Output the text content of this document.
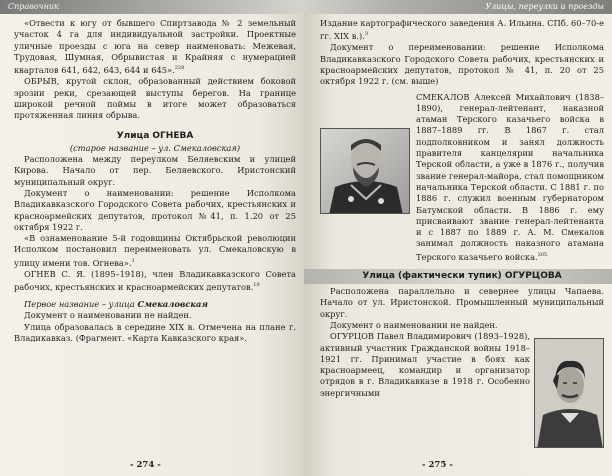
Справочник

«Отвести к югу от бывшего Спиртзавода № 2 земельный участок 4 га для индивидуальной застройки. Проектные уличные проезды с юга на север наименовать: Межевая, Трудовая, Шумная, Обрывистая и Крайняя с нумерацией кварталов 641, 642, 643, 644 и 645».$^{229}$

ОБРЫВ, крутой склон, образованный действием боковой эрозии реки, срезающей выступы берегов. На границе широкой речной поймы в итоге может образоваться протяженная линия обрыва.

Улица ОГНЕВА

(старое название – ул. Смекаловская)

Расположена между переулком Беляевским и улицей Кирова. Начало от пер. Беляевского. Иристонский муниципальный округ.

Документ о наименовании: решение Исполкома Владикавказского Городского Совета рабочих, крестьянских и красноармейских депутатов, протокол №41, п. 1.20 от 25 октября 1922 г.

«В ознаменование 5-й годовщины Октябрьской революции Исполком постановил переименовать ул. Смекаловскую в улицу имени тов. Огнева».$^1$

ОГНЕВ С. Я. (1895–1918), член Владикавказского Совета рабочих, крестьянских и красноармейских депутатов.$^{10}$

Первое название – улица Смекаловская

Документ о наименовании не найден.

Улица образовалась в середине XIX в. Отмечена на плане г. Владикавказ. (Фрагмент. «Карта Кавказского края».

- 274 -
Улицы, переулки и проезды

Издание картографического заведения А. Ильина. СПб. 60–70-е гг. XIX в.).$^3$

Документ о переименовании: решение Исполкома Владикавказского Городского Совета рабочих, крестьянских и красноармейских депутатов, протокол № 41, п. 20 от 25 октября 1922 г. (см. выше)

СМЕКАЛОВ Алексей Михайлович (1838–1890), генерал-лейтенант, наказной атаман Терского казачьего войска в 1887–1889 гг. В 1867 г. стал подполковником и занял должность правителя канцелярии начальника Терской области, а уже в 1876 г., получив звание генерал-майора, стал помощником начальника Терской области. С 1881 г. по 1886 г. служил военным губернатором Батумской области. В 1886 г. ему присваивают звание генерал-лейтенанта и с 1887 по 1889 г. А. М. Смекалов занимал должность наказного атамана Терского казачьего войска.$^{305}$

Улица (фактически тупик) ОГУРЦОВА

Расположена параллельно и севернее улицы Чапаева. Начало от ул. Иристонской. Промышленный муниципальный округ.

Документ о наименовании не найден.

ОГУРЦОВ Павел Владимирович (1893–1928), активный участник Гражданской войны 1918–1921 гг. Принимал участие в боях как красноармеец, командир и организатор отрядов в г. Владикавказе в 1918 г. Особенно энергичными

- 275 -
